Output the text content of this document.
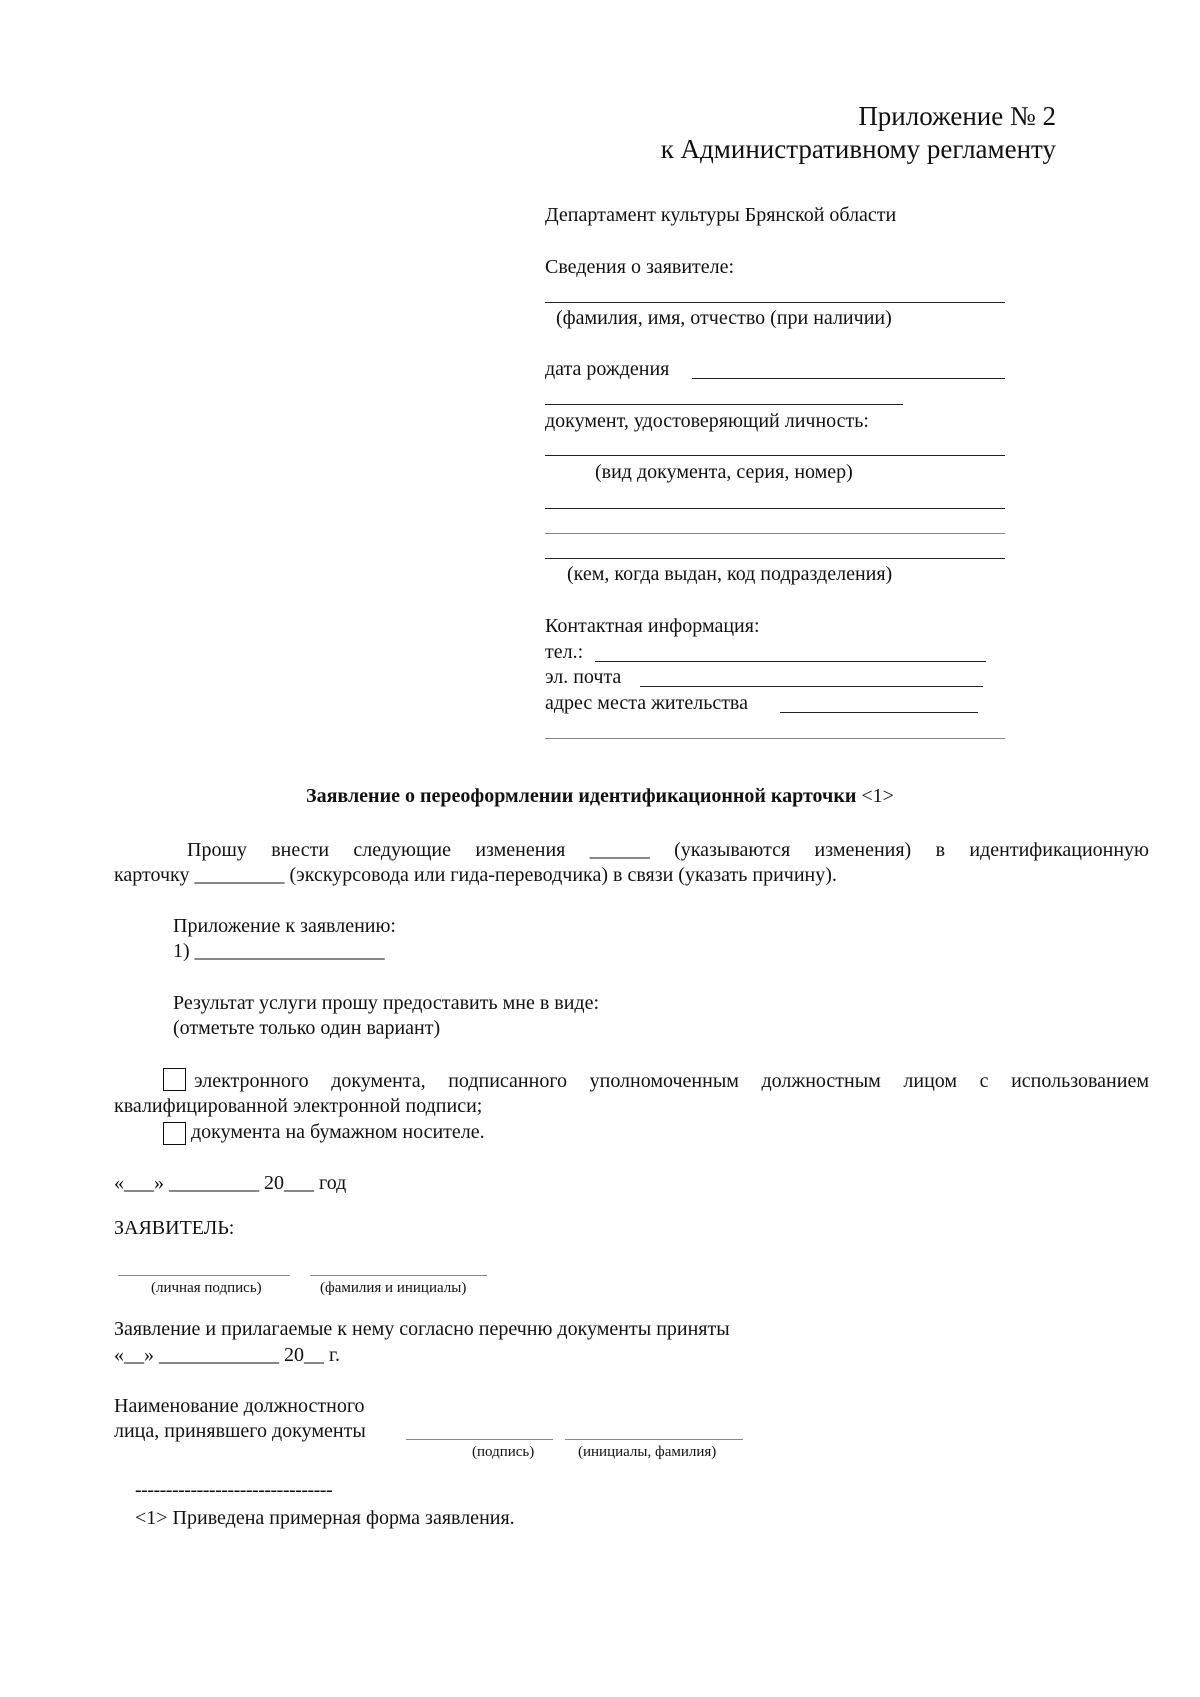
Приложение № 2
к Административному регламенту
Департамент культуры Брянской области
Сведения о заявителе:
(фамилия, имя, отчество (при наличии)
дата рождения
документ, удостоверяющий личность:
(вид документа, серия, номер)
(кем, когда выдан, код подразделения)
Контактная информация:
тел.:
эл. почта
адрес места жительства
Заявление о переоформлении идентификационной карточки <1>
Прошу внести следующие изменения ______ (указываются изменения) в идентификационную
карточку _________ (экскурсовода или гида-переводчика) в связи (указать причину).
Приложение к заявлению:
1) ___________________
Результат услуги прошу предоставить мне в виде:
(отметьте только один вариант)
электронного документа, подписанного уполномоченным должностным лицом с использованием
квалифицированной электронной подписи;
документа на бумажном носителе.
«___» _________ 20___ год
ЗАЯВИТЕЛЬ:
(личная подпись)	(фамилия и инициалы)
Заявление и прилагаемые к нему согласно перечню документы приняты
«__» ____________ 20__ г.
Наименование должностного
лица, принявшего документы
(подпись)	(инициалы, фамилия)
--------------------------------
<1> Приведена примерная форма заявления.
